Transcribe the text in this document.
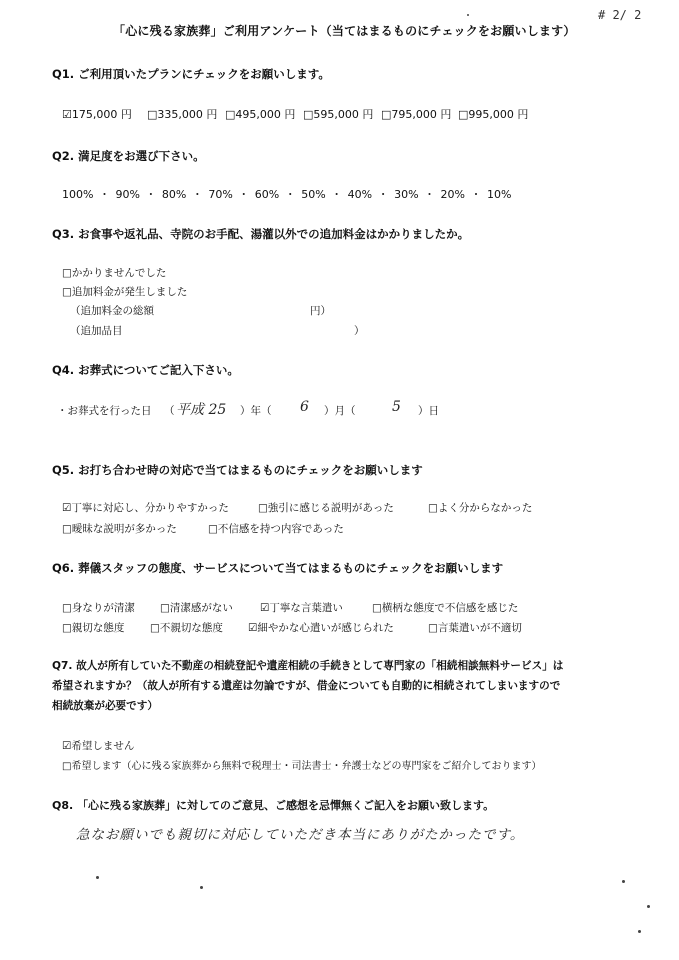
# 2/ 2
「心に残る家族葬」ご利用アンケート（当てはまるものにチェックをお願いします）
Q1. ご利用頂いたプランにチェックをお願いします。
☑175,000 円 □335,000 円 □495,000 円 □595,000 円 □795,000 円 □995,000 円
Q2. 満足度をお選び下さい。
100% ・ 90% ・ 80% ・ 70% ・ 60% ・ 50% ・ 40% ・ 30% ・ 20% ・ 10%
Q3. お食事や返礼品、寺院のお手配、湯灌以外での追加料金はかかりましたか。
□かかりませんでした
□追加料金が発生しました
（追加料金の総額	円）
（追加品目	）
Q4. お葬式についてご記入下さい。
・お葬式を行った日 （ 平成 25 ）年（ 6 ）月（	5 ）日
Q5. お打ち合わせ時の対応で当てはまるものにチェックをお願いします
☑丁寧に対応し、分かりやすかった	□強引に感じる説明があった	□よく分からなかった
□曖昧な説明が多かった	□不信感を持つ内容であった
Q6. 葬儀スタッフの態度、サービスについて当てはまるものにチェックをお願いします
□身なりが清潔 □清潔感がない	☑丁寧な言葉遣い	□横柄な態度で不信感を感じた
□親切な態度 □不親切な態度 ☑細やかな心遣いが感じられた	□言葉遣いが不適切
Q7. 故人が所有していた不動産の相続登記や遺産相続の手続きとして専門家の「相続相談無料サービス」は
希望されますか？（故人が所有する遺産は勿論ですが、借金についても自動的に相続されてしまいますので
相続放棄が必要です）
☑希望しません
□希望します（心に残る家族葬から無料で税理士・司法書士・弁護士などの専門家をご紹介しております）
Q8. 「心に残る家族葬」に対してのご意見、ご感想を忌憚無くご記入をお願い致します。
急なお願いでも親切に対応していただき本当にありがたかったです。
